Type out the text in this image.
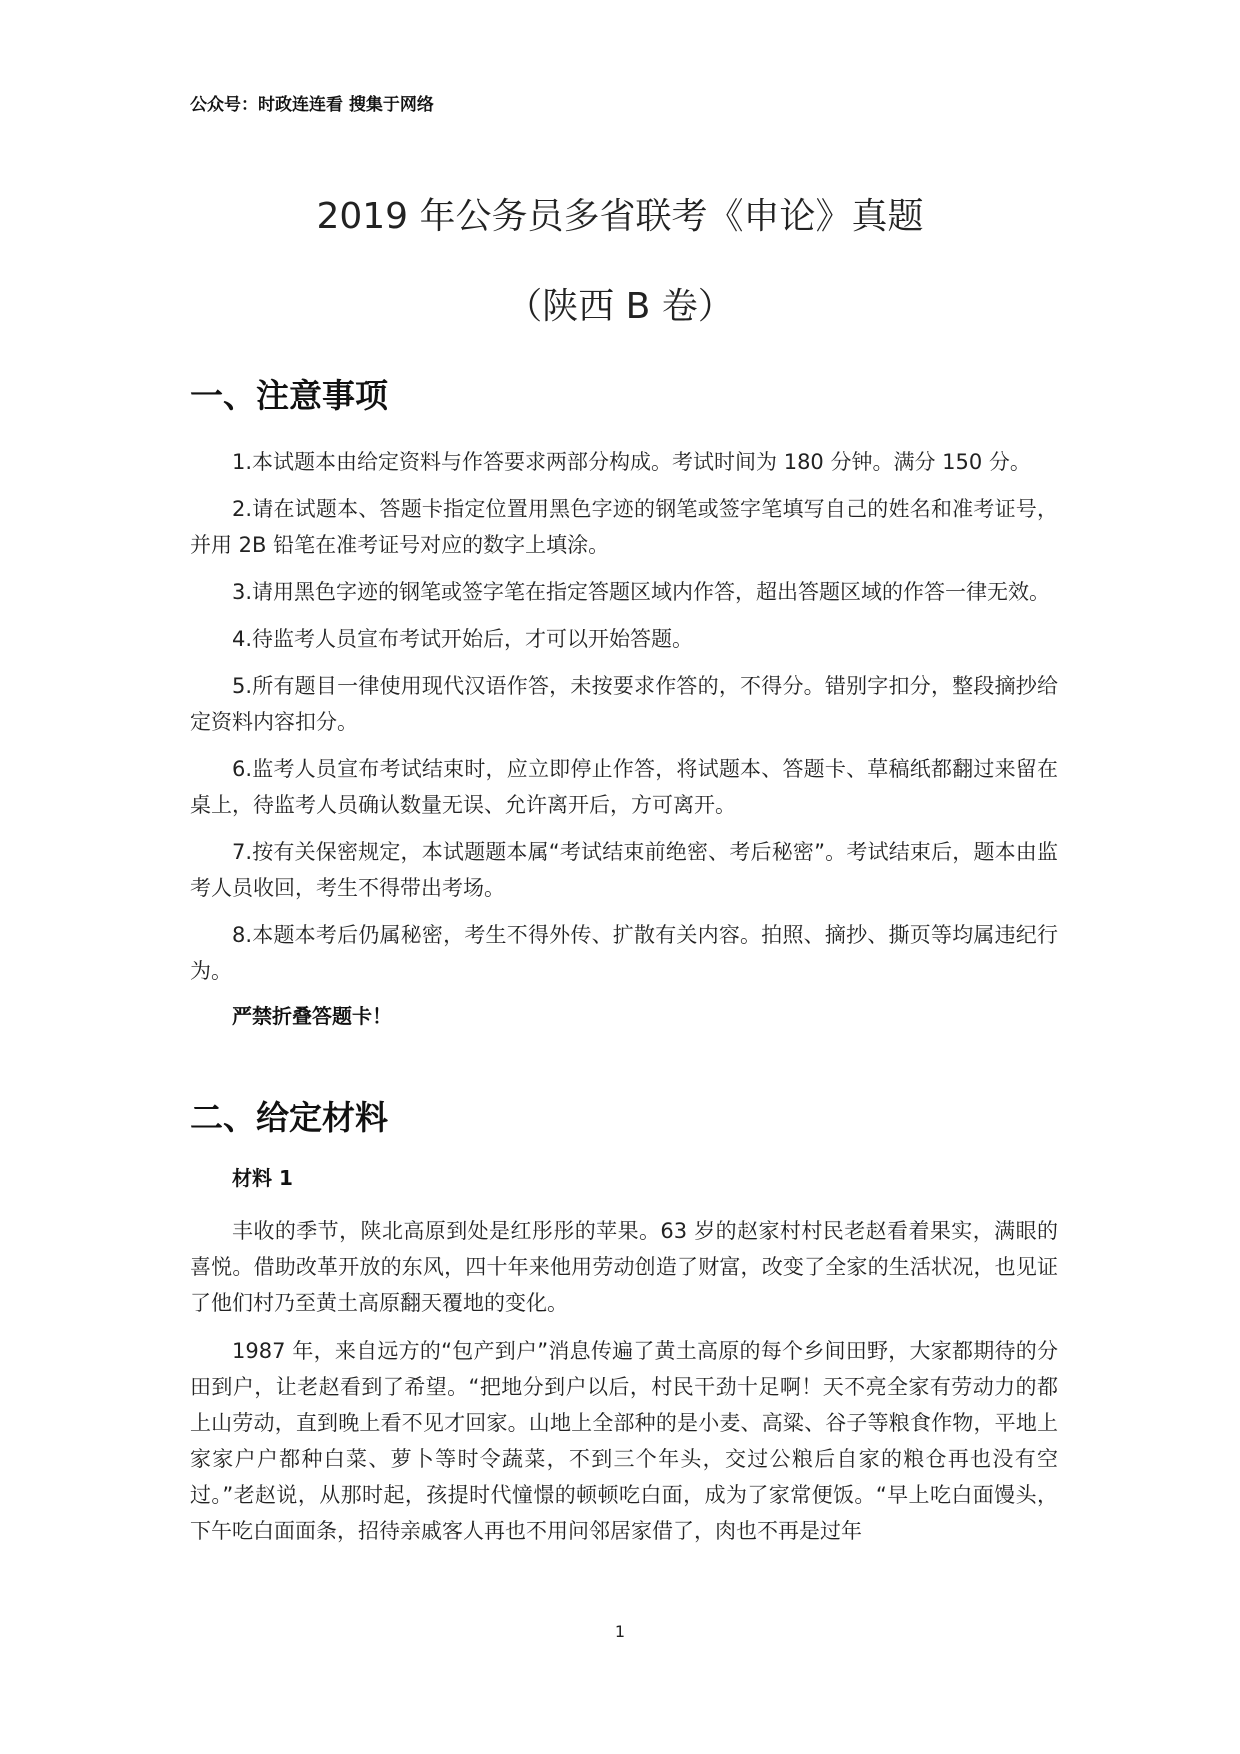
公众号：时政连连看 搜集于网络
2019 年公务员多省联考《申论》真题
（陕西 B 卷）
一、注意事项

1.本试题本由给定资料与作答要求两部分构成。考试时间为 180 分钟。满分 150 分。

2.请在试题本、答题卡指定位置用黑色字迹的钢笔或签字笔填写自己的姓名和准考证号，并用 2B 铅笔在准考证号对应的数字上填涂。

3.请用黑色字迹的钢笔或签字笔在指定答题区域内作答，超出答题区域的作答一律无效。

4.待监考人员宣布考试开始后，才可以开始答题。

5.所有题目一律使用现代汉语作答，未按要求作答的，不得分。错别字扣分，整段摘抄给定资料内容扣分。

6.监考人员宣布考试结束时，应立即停止作答，将试题本、答题卡、草稿纸都翻过来留在桌上，待监考人员确认数量无误、允许离开后，方可离开。

7.按有关保密规定，本试题题本属“考试结束前绝密、考后秘密”。考试结束后，题本由监考人员收回，考生不得带出考场。

8.本题本考后仍属秘密，考生不得外传、扩散有关内容。拍照、摘抄、撕页等均属违纪行为。

严禁折叠答题卡！

二、给定材料

材料 1

丰收的季节，陕北高原到处是红彤彤的苹果。63 岁的赵家村村民老赵看着果实，满眼的喜悦。借助改革开放的东风，四十年来他用劳动创造了财富，改变了全家的生活状况，也见证了他们村乃至黄土高原翻天覆地的变化。

1987 年，来自远方的“包产到户”消息传遍了黄土高原的每个乡间田野，大家都期待的分田到户，让老赵看到了希望。“把地分到户以后，村民干劲十足啊！天不亮全家有劳动力的都上山劳动，直到晚上看不见才回家。山地上全部种的是小麦、高粱、谷子等粮食作物，平地上家家户户都种白菜、萝卜等时令蔬菜，不到三个年头，交过公粮后自家的粮仓再也没有空过。”老赵说，从那时起，孩提时代憧憬的顿顿吃白面，成为了家常便饭。“早上吃白面馒头，下午吃白面面条，招待亲戚客人再也不用问邻居家借了，肉也不再是过年

1
